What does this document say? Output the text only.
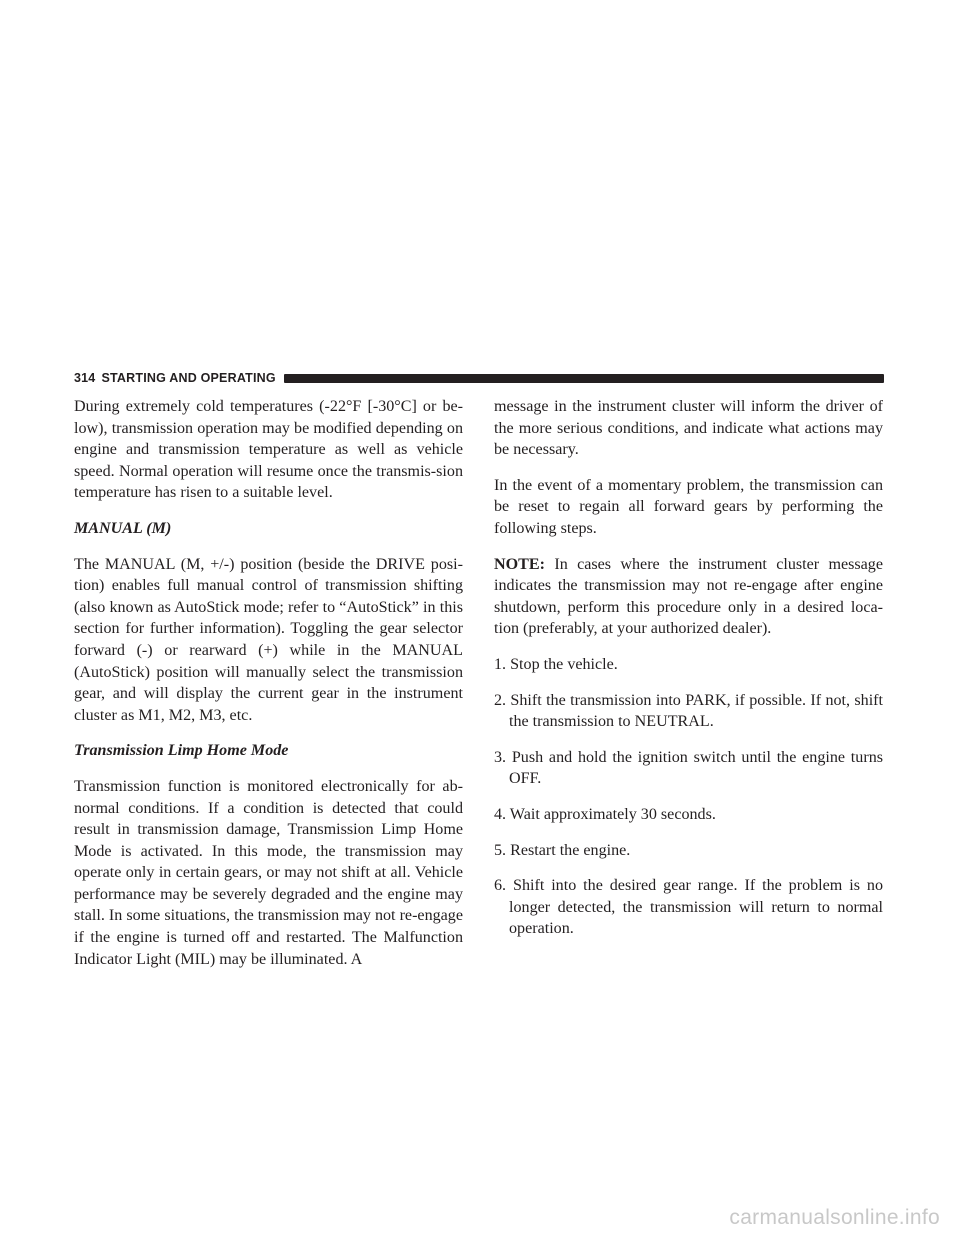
314 STARTING AND OPERATING

During extremely cold temperatures (-22°F [-30°C] or be-low), transmission operation may be modified depending on engine and transmission temperature as well as vehicle speed. Normal operation will resume once the transmis-sion temperature has risen to a suitable level.

MANUAL (M)

The MANUAL (M, +/-) position (beside the DRIVE posi-tion) enables full manual control of transmission shifting (also known as AutoStick mode; refer to “AutoStick” in this section for further information). Toggling the gear selector forward (-) or rearward (+) while in the MANUAL (AutoStick) position will manually select the transmission gear, and will display the current gear in the instrument cluster as M1, M2, M3, etc.

Transmission Limp Home Mode

Transmission function is monitored electronically for ab-normal conditions. If a condition is detected that could result in transmission damage, Transmission Limp Home Mode is activated. In this mode, the transmission may operate only in certain gears, or may not shift at all. Vehicle performance may be severely degraded and the engine may stall. In some situations, the transmission may not re-engage if the engine is turned off and restarted. The Malfunction Indicator Light (MIL) may be illuminated. A

message in the instrument cluster will inform the driver of the more serious conditions, and indicate what actions may be necessary.

In the event of a momentary problem, the transmission can be reset to regain all forward gears by performing the following steps.

NOTE: In cases where the instrument cluster message indicates the transmission may not re-engage after engine shutdown, perform this procedure only in a desired loca-tion (preferably, at your authorized dealer).

1. Stop the vehicle.
2. Shift the transmission into PARK, if possible. If not, shift the transmission to NEUTRAL.
3. Push and hold the ignition switch until the engine turns OFF.
4. Wait approximately 30 seconds.
5. Restart the engine.
6. Shift into the desired gear range. If the problem is no longer detected, the transmission will return to normal operation.
carmanualsonline.info
